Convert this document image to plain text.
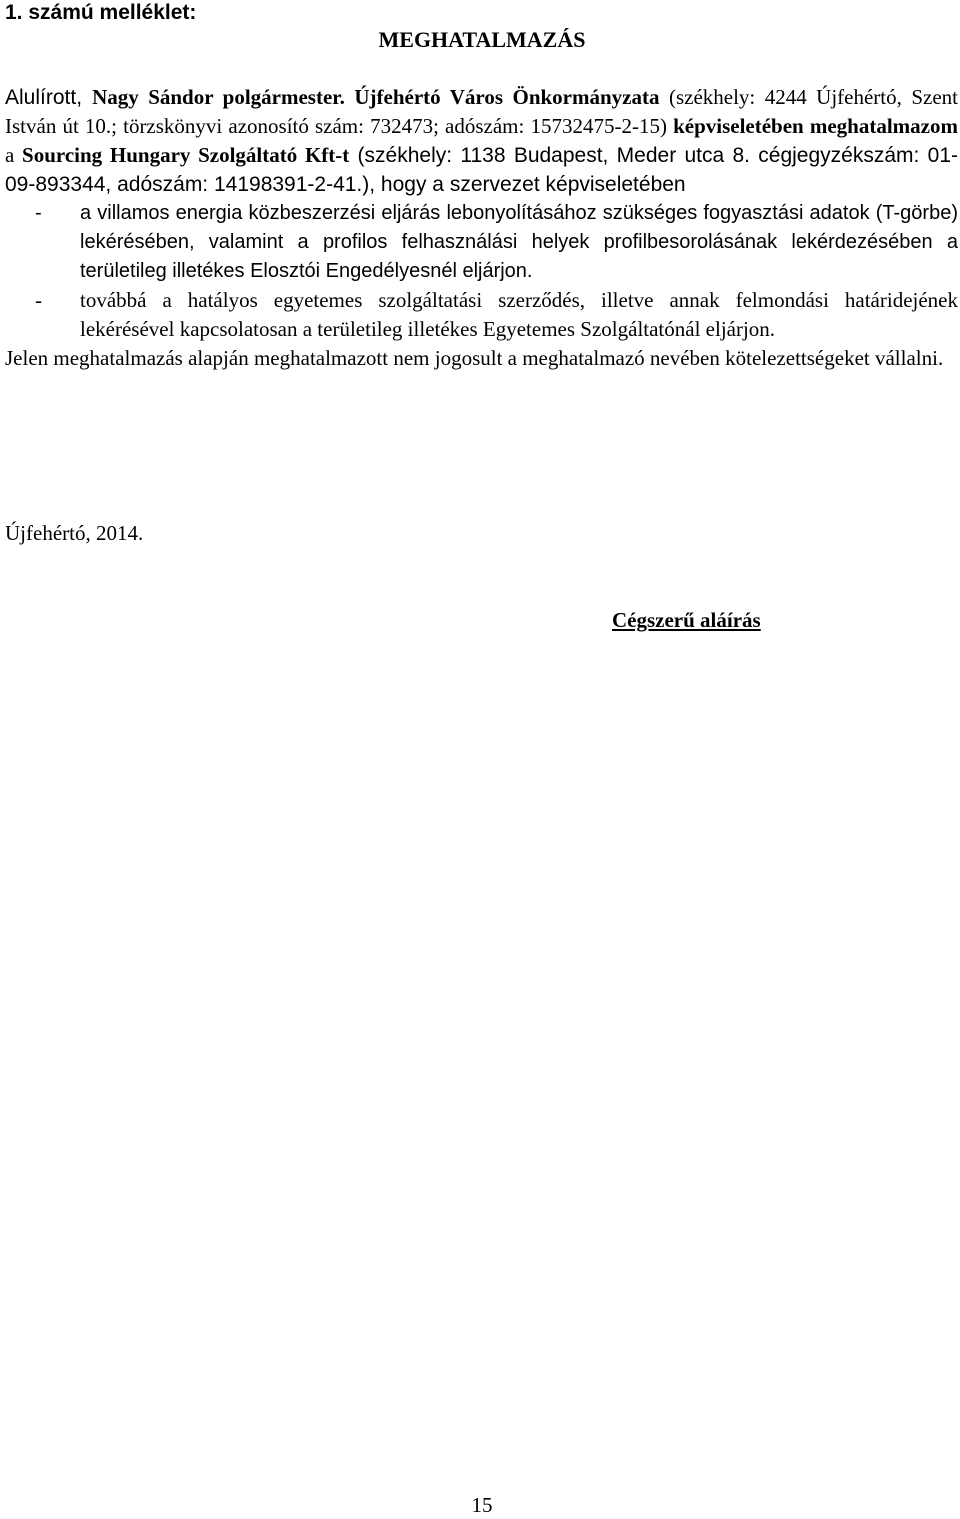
1. számú melléklet:

MEGHATALMAZÁS

Alulírott, Nagy Sándor polgármester. Újfehértó Város Önkormányzata (székhely: 4244 Újfehértó, Szent István út 10.; törzskönyvi azonosító szám: 732473; adószám: 15732475-2-15) képviseletében meghatalmazom a Sourcing Hungary Szolgáltató Kft-t (székhely: 1138 Budapest, Meder utca 8. cégjegyzékszám: 01-09-893344, adószám: 14198391-2-41.), hogy a szervezet képviseletében

-	a villamos energia közbeszerzési eljárás lebonyolításához szükséges fogyasztási adatok (T-görbe) lekérésében, valamint a profilos felhasználási helyek profilbesorolásának lekérdezésében a területileg illetékes Elosztói Engedélyesnél eljárjon.
-	továbbá a hatályos egyetemes szolgáltatási szerződés, illetve annak felmondási határidejének lekérésével kapcsolatosan a területileg illetékes Egyetemes Szolgáltatónál eljárjon.

Jelen meghatalmazás alapján meghatalmazott nem jogosult a meghatalmazó nevében kötelezettségeket vállalni.

Újfehértó, 2014.

Cégszerű aláírás

15
